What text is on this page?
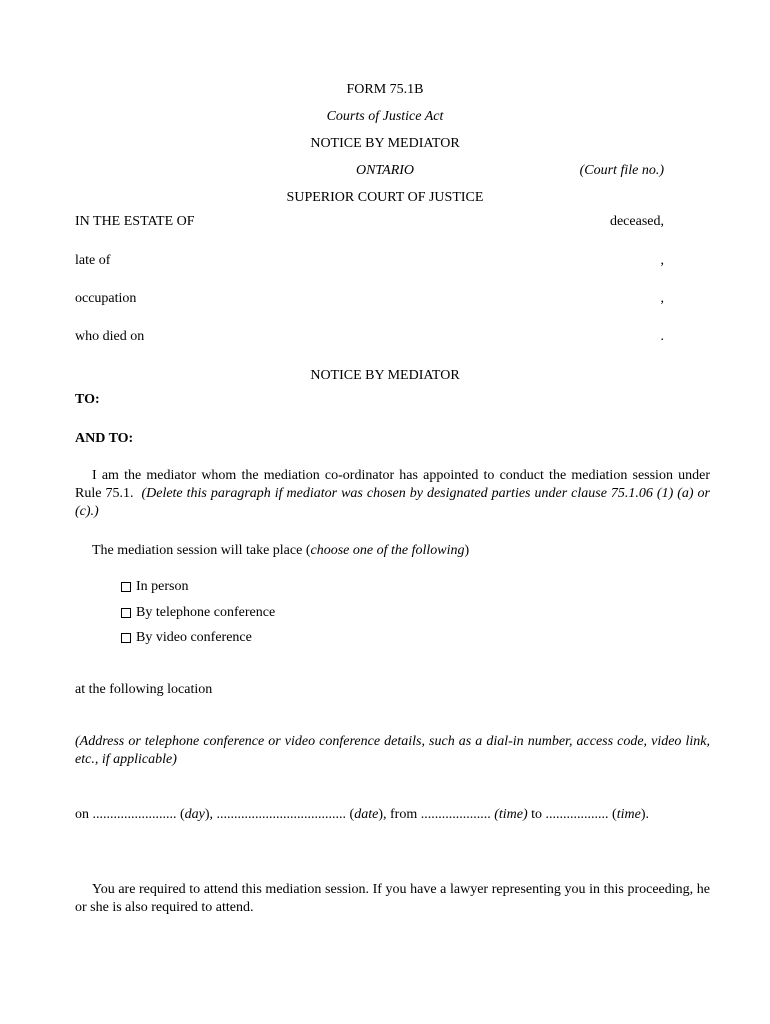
FORM 75.1B
Courts of Justice Act
NOTICE BY MEDIATOR
ONTARIO	(Court file no.)
SUPERIOR COURT OF JUSTICE
IN THE ESTATE OF	deceased,
late of	,
occupation	,
who died on	.
NOTICE BY MEDIATOR
TO:
AND TO:
I am the mediator whom the mediation co-ordinator has appointed to conduct the mediation session under Rule 75.1. (Delete this paragraph if mediator was chosen by designated parties under clause 75.1.06 (1) (a) or (c).)
The mediation session will take place (choose one of the following)
In person
By telephone conference
By video conference
at the following location
(Address or telephone conference or video conference details, such as a dial-in number, access code, video link, etc., if applicable)
on ........................ (day), ..................................... (date), from .................... (time) to .................. (time).
You are required to attend this mediation session. If you have a lawyer representing you in this proceeding, he or she is also required to attend.
